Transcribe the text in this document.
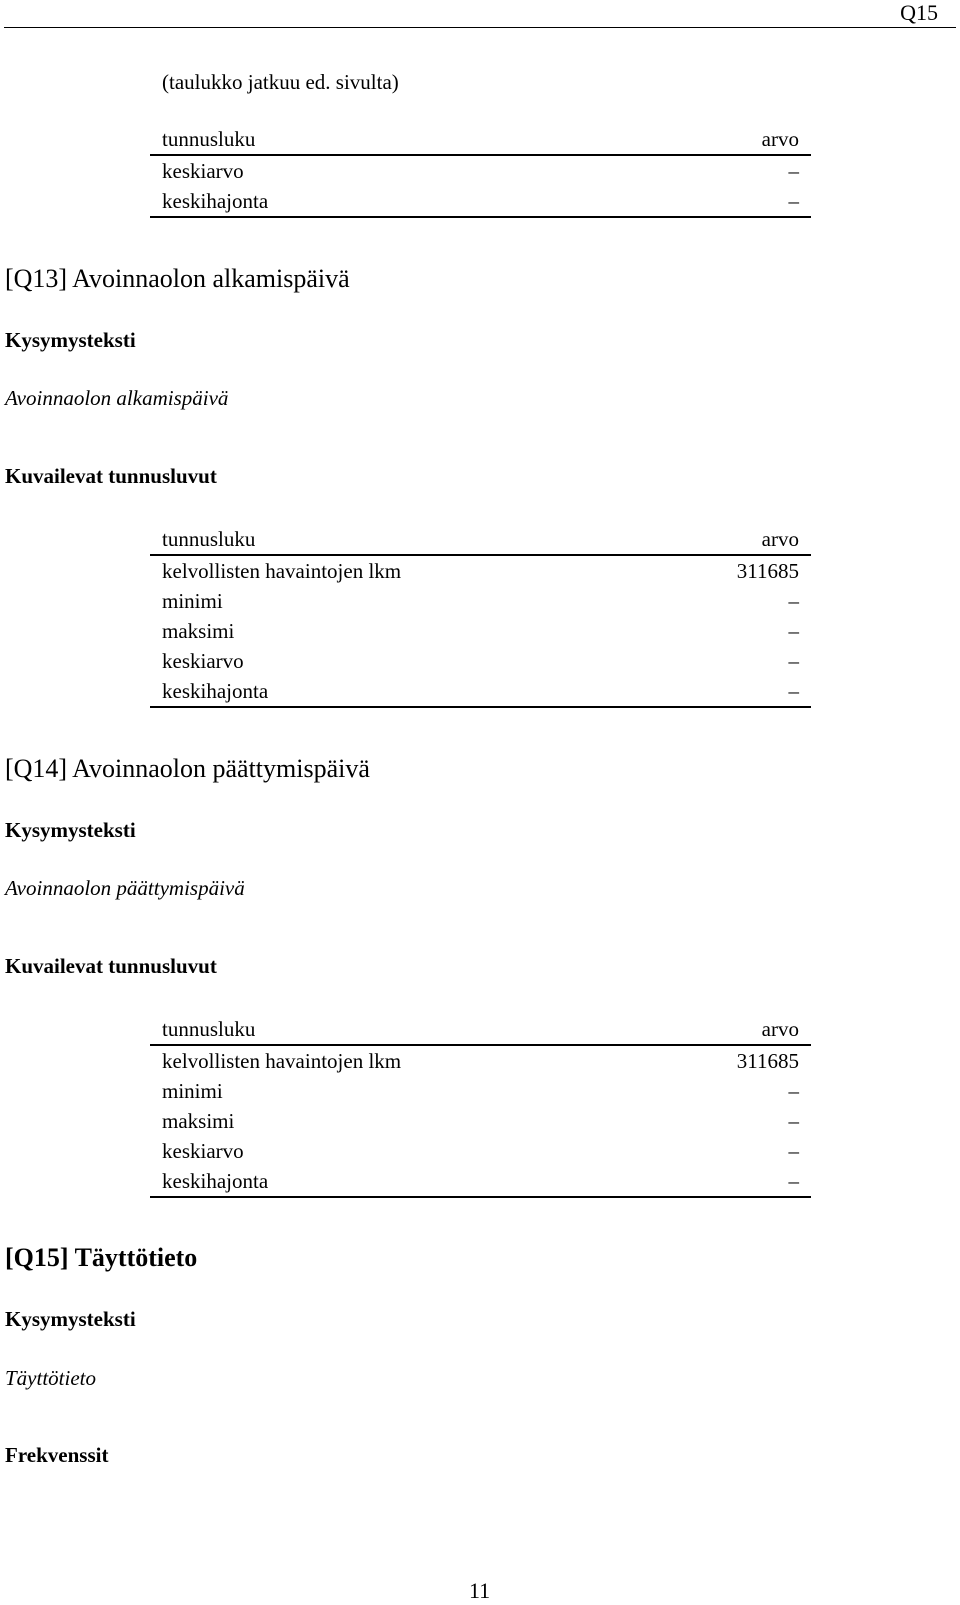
Q15
(taulukko jatkuu ed. sivulta)
tunnusluku	arvo
keskiarvo	–
keskihajonta	–
[Q13] Avoinnaolon alkamispäivä
Kysymysteksti
Avoinnaolon alkamispäivä
Kuvailevat tunnusluvut
tunnusluku	arvo
kelvollisten havaintojen lkm	311685
minimi	–
maksimi	–
keskiarvo	–
keskihajonta	–
[Q14] Avoinnaolon päättymispäivä
Kysymysteksti
Avoinnaolon päättymispäivä
Kuvailevat tunnusluvut
tunnusluku	arvo
kelvollisten havaintojen lkm	311685
minimi	–
maksimi	–
keskiarvo	–
keskihajonta	–
[Q15] Täyttötieto
Kysymysteksti
Täyttötieto
Frekvenssit
11
